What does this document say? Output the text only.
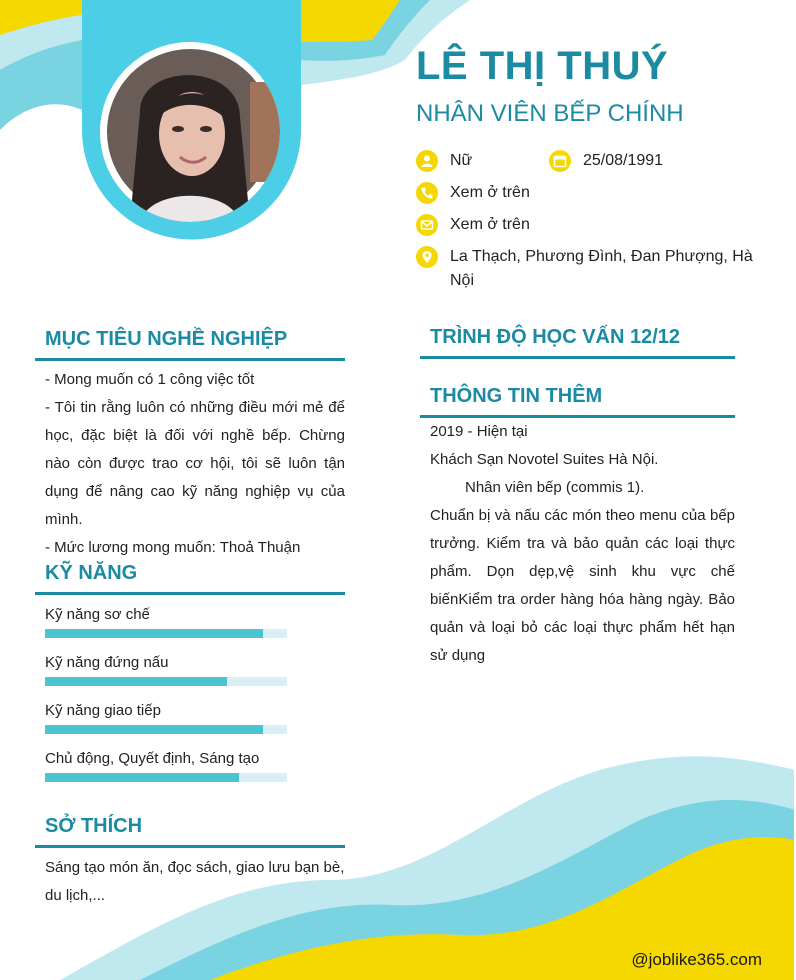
LÊ THỊ THUÝ
NHÂN VIÊN BẾP CHÍNH
Nữ	25/08/1991
Xem ở trên
Xem ở trên
La Thạch, Phương Đình, Đan Phượng, Hà Nội
MỤC TIÊU NGHỀ NGHIỆP
- Mong muốn có 1 công việc tốt
- Tôi tin rằng luôn có những điều mới mẻ để học, đặc biệt là đối với nghề bếp. Chừng nào còn được trao cơ hội, tôi sẽ luôn tận dụng để nâng cao kỹ năng nghiệp vụ của mình.
- Mức lương mong muốn: Thoả Thuận
KỸ NĂNG
Kỹ năng sơ chế
Kỹ năng đứng nấu
Kỹ năng giao tiếp
Chủ động, Quyết định, Sáng tạo
SỞ THÍCH
Sáng tạo món ăn, đọc sách, giao lưu bạn bè, du lịch,...
TRÌNH ĐỘ HỌC VẤN 12/12
THÔNG TIN THÊM
2019 - Hiện tại
Khách Sạn Novotel Suites Hà Nội.
Nhân viên bếp (commis 1).
Chuẩn bị và nấu các món theo menu của bếp trưởng. Kiểm tra và bảo quản các loại thực phẩm. Dọn dẹp,vệ sinh khu vực chế biếnKiểm tra order hàng hóa hàng ngày. Bảo quản và loại bỏ các loại thực phẩm hết hạn sử dụng
@joblike365.com
